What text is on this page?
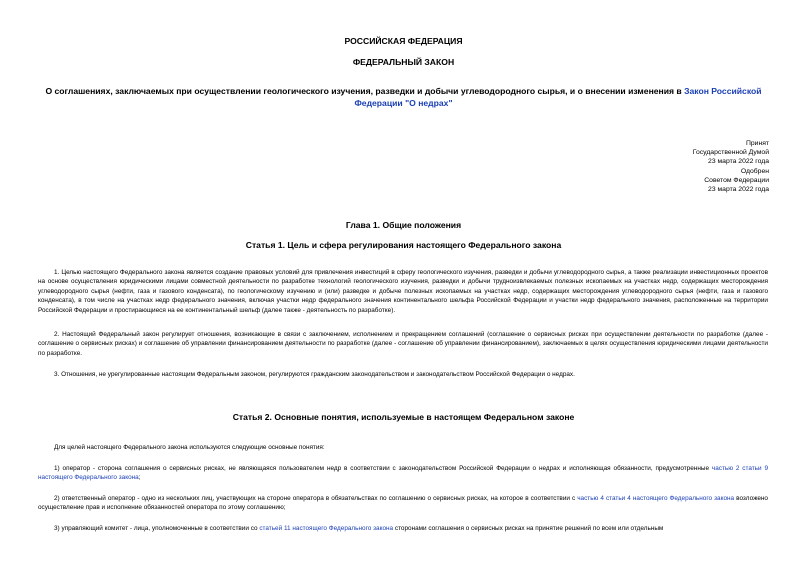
РОССИЙСКАЯ ФЕДЕРАЦИЯ
ФЕДЕРАЛЬНЫЙ ЗАКОН
О соглашениях, заключаемых при осуществлении геологического изучения, разведки и добычи углеводородного сырья, и о внесении изменения в Закон Российской Федерации "О недрах"
Принят
Государственной Думой
23 марта 2022 года
Одобрен
Советом Федерации
23 марта 2022 года
Глава 1. Общие положения
Статья 1. Цель и сфера регулирования настоящего Федерального закона
1. Целью настоящего Федерального закона является создание правовых условий для привлечения инвестиций в сферу геологического изучения, разведки и добычи углеводородного сырья, а также реализации инвестиционных проектов на основе осуществления юридическими лицами совместной деятельности по разработке технологий геологического изучения, разведки и добычи трудноизвлекаемых полезных ископаемых на участках недр, содержащих месторождения углеводородного сырья (нефти, газа и газового конденсата), по геологическому изучению и (или) разведке и добыче полезных ископаемых на участках недр, содержащих месторождения углеводородного сырья (нефти, газа и газового конденсата), в том числе на участках недр федерального значения, включая участки недр федерального значения континентального шельфа Российской Федерации и участки недр федерального значения, расположенные на территории Российской Федерации и простирающиеся на ее континентальный шельф (далее также - деятельность по разработке).
2. Настоящий Федеральный закон регулирует отношения, возникающие в связи с заключением, исполнением и прекращением соглашений (соглашение о сервисных рисках при осуществлении деятельности по разработке (далее - соглашение о сервисных рисках) и соглашение об управлении финансированием деятельности по разработке (далее - соглашение об управлении финансированием), заключаемых в целях осуществления юридическими лицами деятельности по разработке.
3. Отношения, не урегулированные настоящим Федеральным законом, регулируются гражданским законодательством и законодательством Российской Федерации о недрах.
Статья 2. Основные понятия, используемые в настоящем Федеральном законе
Для целей настоящего Федерального закона используются следующие основные понятия:
1) оператор - сторона соглашения о сервисных рисках, не являющаяся пользователем недр в соответствии с законодательством Российской Федерации о недрах и исполняющая обязанности, предусмотренные частью 2 статьи 9 настоящего Федерального закона;
2) ответственный оператор - одно из нескольких лиц, участвующих на стороне оператора в обязательствах по соглашению о сервисных рисках, на которое в соответствии с частью 4 статьи 4 настоящего Федерального закона возложено осуществление прав и исполнение обязанностей оператора по этому соглашению;
3) управляющий комитет - лица, уполномоченные в соответствии со статьей 11 настоящего Федерального закона сторонами соглашения о сервисных рисках на принятие решений по всем или отдельным
